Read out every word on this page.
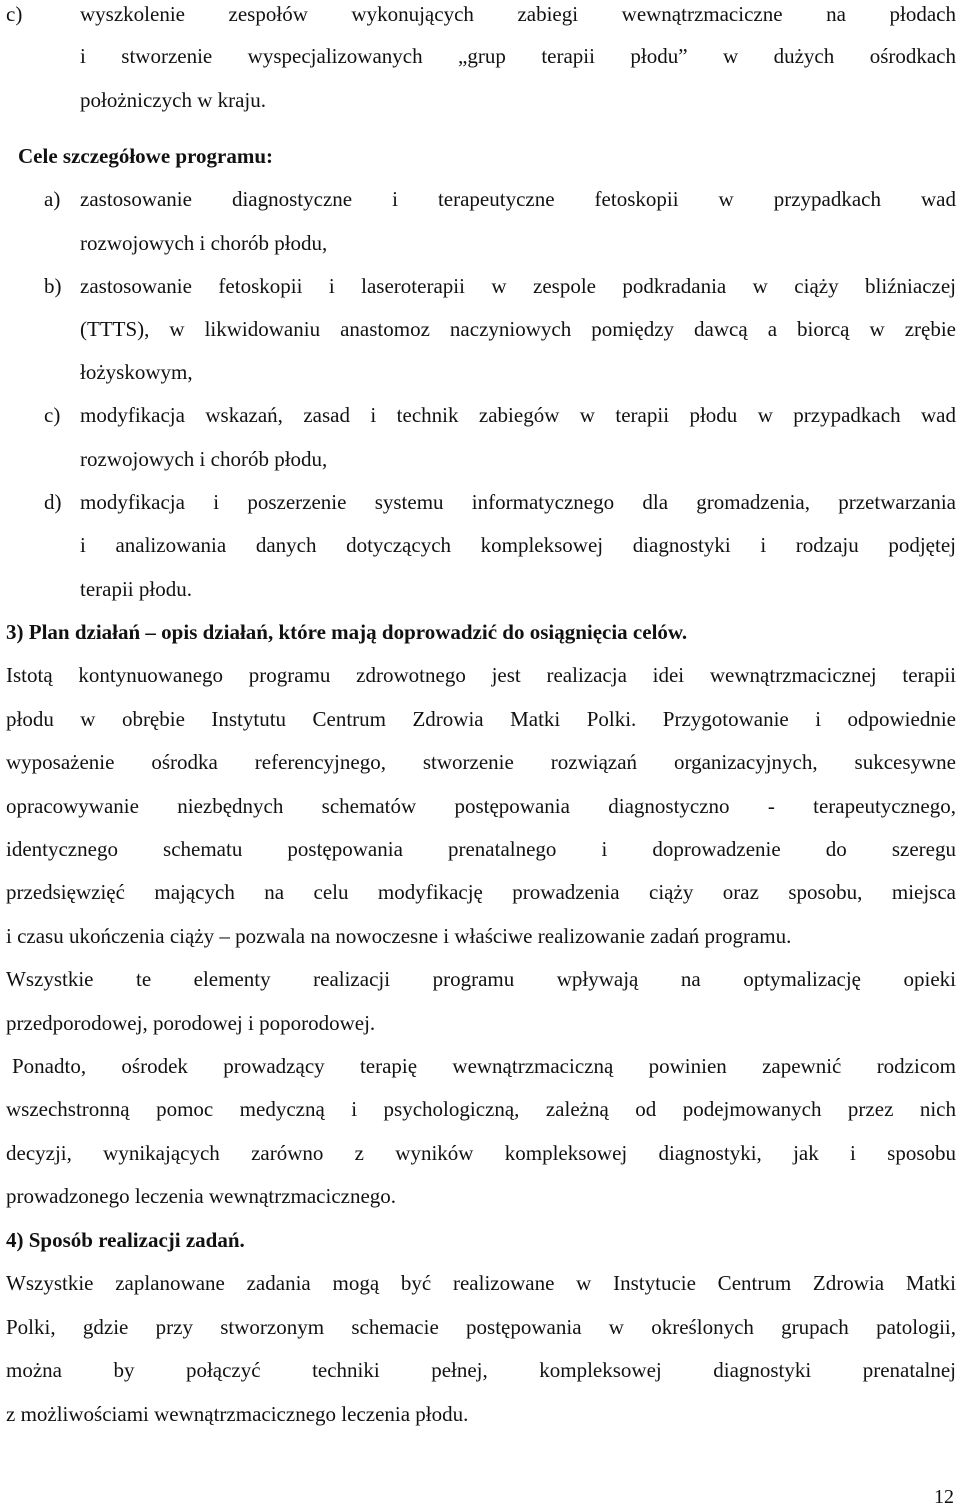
c)	wyszkolenie zespołów wykonujących zabiegi wewnątrzmaciczne na płodach
i stworzenie wyspecjalizowanych „grup terapii płodu” w dużych ośrodkach
położniczych w kraju.
Cele szczegółowe programu:
a) zastosowanie diagnostyczne i terapeutyczne fetoskopii w przypadkach wad
rozwojowych i chorób płodu,
b) zastosowanie fetoskopii i laseroterapii w zespole podkradania w ciąży bliźniaczej
(TTTS), w likwidowaniu anastomoz naczyniowych pomiędzy dawcą a biorcą w zrębie
łożyskowym,
c) modyfikacja wskazań, zasad i technik zabiegów w terapii płodu w przypadkach wad
rozwojowych i chorób płodu,
d) modyfikacja i poszerzenie systemu informatycznego dla gromadzenia, przetwarzania
i analizowania danych dotyczących kompleksowej diagnostyki i rodzaju podjętej
terapii płodu.
3) Plan działań – opis działań, które mają doprowadzić do osiągnięcia celów.
Istotą kontynuowanego programu zdrowotnego jest realizacja idei wewnątrzmacicznej terapii
płodu w obrębie Instytutu Centrum Zdrowia Matki Polki. Przygotowanie i odpowiednie
wyposażenie ośrodka referencyjnego, stworzenie rozwiązań organizacyjnych, sukcesywne
opracowywanie niezbędnych schematów postępowania diagnostyczno - terapeutycznego,
identycznego schematu postępowania prenatalnego i doprowadzenie do szeregu
przedsięwzięć mających na celu modyfikację prowadzenia ciąży oraz sposobu, miejsca
i czasu ukończenia ciąży – pozwala na nowoczesne i właściwe realizowanie zadań programu.
Wszystkie te elementy realizacji programu wpływają na optymalizację opieki
przedporodowej, porodowej i poporodowej.
Ponadto, ośrodek prowadzący terapię wewnątrzmaciczną powinien zapewnić rodzicom
wszechstronną pomoc medyczną i psychologiczną, zależną od podejmowanych przez nich
decyzji, wynikających zarówno z wyników kompleksowej diagnostyki, jak i sposobu
prowadzonego leczenia wewnątrzmacicznego.
4) Sposób realizacji zadań.
Wszystkie zaplanowane zadania mogą być realizowane w Instytucie Centrum Zdrowia Matki
Polki, gdzie przy stworzonym schemacie postępowania w określonych grupach patologii,
można by połączyć techniki pełnej, kompleksowej diagnostyki prenatalnej
z możliwościami wewnątrzmacicznego leczenia płodu.
12
